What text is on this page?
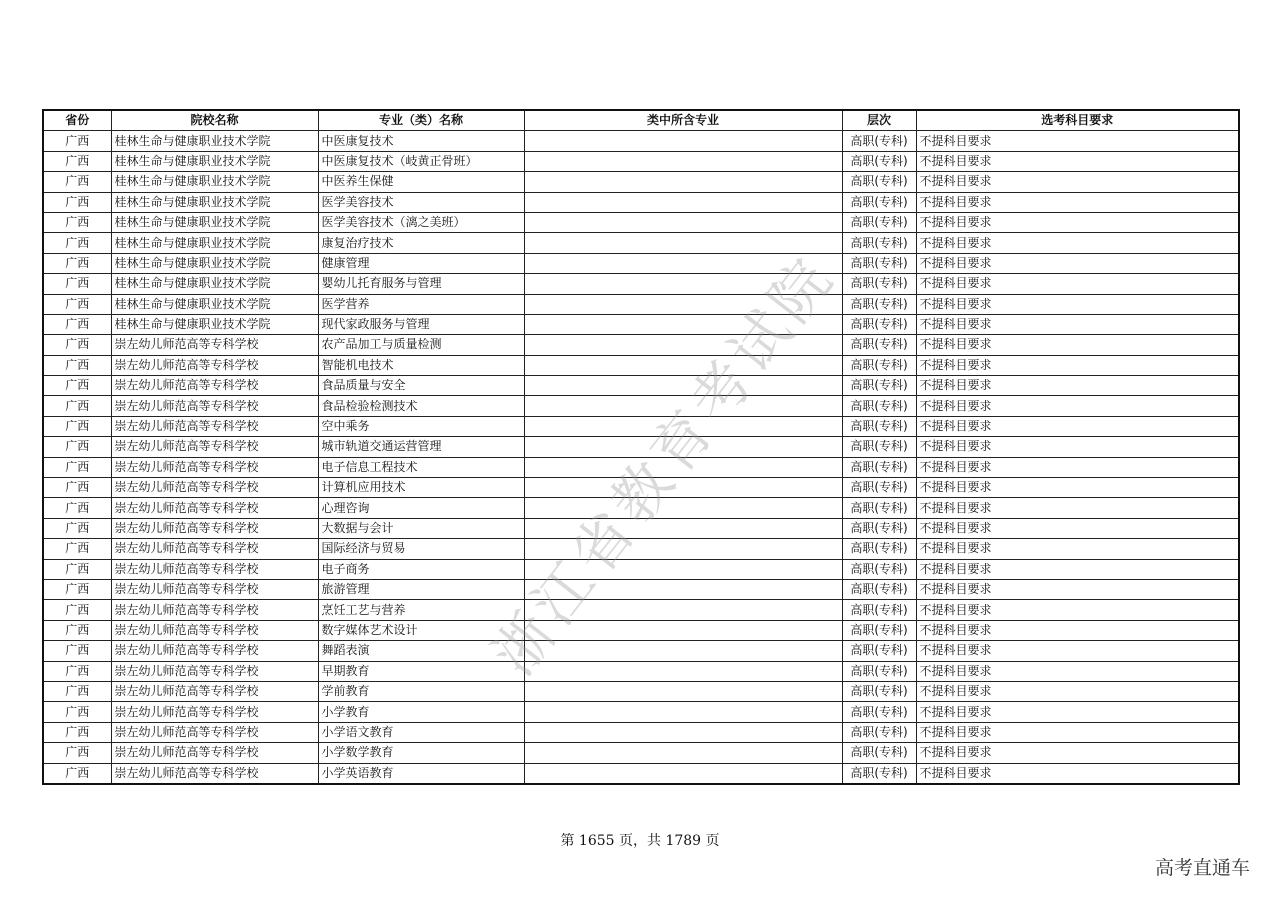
省份	院校名称	专业（类）名称	类中所含专业	层次	选考科目要求
广西	桂林生命与健康职业技术学院	中医康复技术		高职(专科)	不提科目要求
广西	桂林生命与健康职业技术学院	中医康复技术（岐黄正骨班）		高职(专科)	不提科目要求
广西	桂林生命与健康职业技术学院	中医养生保健		高职(专科)	不提科目要求
广西	桂林生命与健康职业技术学院	医学美容技术		高职(专科)	不提科目要求
广西	桂林生命与健康职业技术学院	医学美容技术（漓之美班）		高职(专科)	不提科目要求
广西	桂林生命与健康职业技术学院	康复治疗技术		高职(专科)	不提科目要求
广西	桂林生命与健康职业技术学院	健康管理		高职(专科)	不提科目要求
广西	桂林生命与健康职业技术学院	婴幼儿托育服务与管理		高职(专科)	不提科目要求
广西	桂林生命与健康职业技术学院	医学营养		高职(专科)	不提科目要求
广西	桂林生命与健康职业技术学院	现代家政服务与管理		高职(专科)	不提科目要求
广西	崇左幼儿师范高等专科学校	农产品加工与质量检测		高职(专科)	不提科目要求
广西	崇左幼儿师范高等专科学校	智能机电技术		高职(专科)	不提科目要求
广西	崇左幼儿师范高等专科学校	食品质量与安全		高职(专科)	不提科目要求
广西	崇左幼儿师范高等专科学校	食品检验检测技术		高职(专科)	不提科目要求
广西	崇左幼儿师范高等专科学校	空中乘务		高职(专科)	不提科目要求
广西	崇左幼儿师范高等专科学校	城市轨道交通运营管理		高职(专科)	不提科目要求
广西	崇左幼儿师范高等专科学校	电子信息工程技术		高职(专科)	不提科目要求
广西	崇左幼儿师范高等专科学校	计算机应用技术		高职(专科)	不提科目要求
广西	崇左幼儿师范高等专科学校	心理咨询		高职(专科)	不提科目要求
广西	崇左幼儿师范高等专科学校	大数据与会计		高职(专科)	不提科目要求
广西	崇左幼儿师范高等专科学校	国际经济与贸易		高职(专科)	不提科目要求
广西	崇左幼儿师范高等专科学校	电子商务		高职(专科)	不提科目要求
广西	崇左幼儿师范高等专科学校	旅游管理		高职(专科)	不提科目要求
广西	崇左幼儿师范高等专科学校	烹饪工艺与营养		高职(专科)	不提科目要求
广西	崇左幼儿师范高等专科学校	数字媒体艺术设计		高职(专科)	不提科目要求
广西	崇左幼儿师范高等专科学校	舞蹈表演		高职(专科)	不提科目要求
广西	崇左幼儿师范高等专科学校	早期教育		高职(专科)	不提科目要求
广西	崇左幼儿师范高等专科学校	学前教育		高职(专科)	不提科目要求
广西	崇左幼儿师范高等专科学校	小学教育		高职(专科)	不提科目要求
广西	崇左幼儿师范高等专科学校	小学语文教育		高职(专科)	不提科目要求
广西	崇左幼儿师范高等专科学校	小学数学教育		高职(专科)	不提科目要求
广西	崇左幼儿师范高等专科学校	小学英语教育		高职(专科)	不提科目要求
浙江省教育考试院
第 1655 页，共 1789 页
高考直通车
